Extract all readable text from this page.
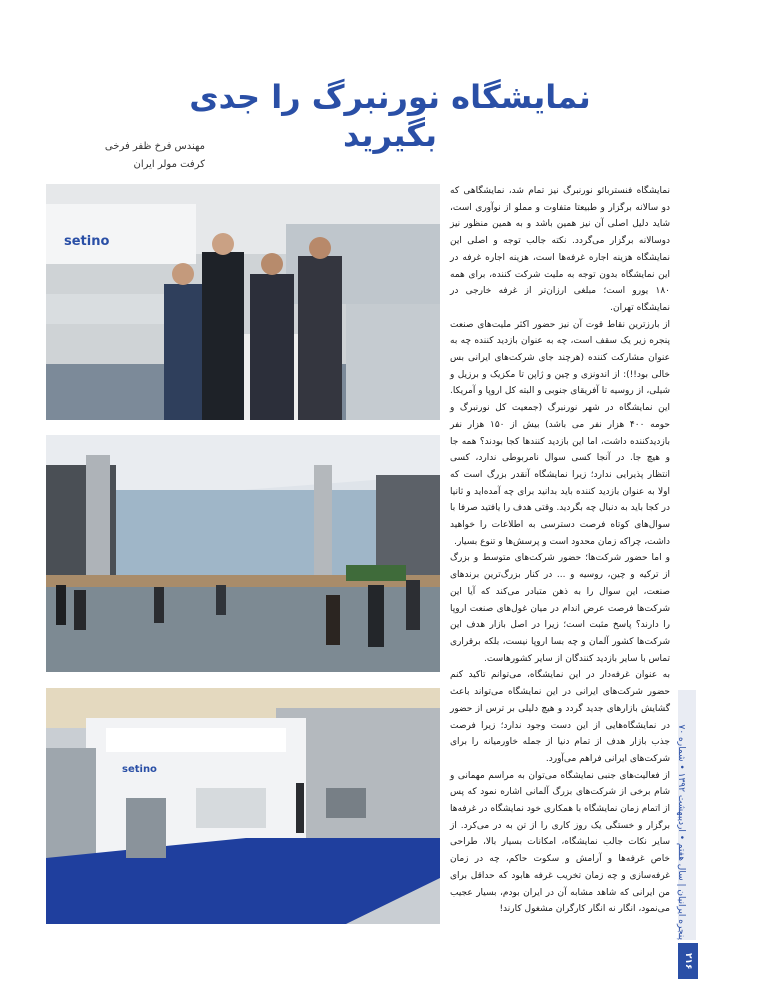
نمایشگاه نورنبرگ را جدی بگیرید
مهندس فرخ ظفر فرخی
کرفت مولر ایران
setino
setino

نمایشگاه فنستربائو نورنبرگ نیز تمام شد، نمایشگاهی که دو سالانه برگزار و طبیعتا متفاوت و مملو از نوآوری است، شاید دلیل اصلی آن نیز همین باشد و به همین منظور نیز دوسالانه برگزار می‌گردد. نکته جالب توجه و اصلی این نمایشگاه هزینه اجاره غرفه‌ها است، هزینه اجاره غرفه در این نمایشگاه بدون توجه به ملیت شرکت کننده، برای همه ۱۸۰ یورو است؛ مبلغی ارزان‌تر از غرفه خارجی در نمایشگاه تهران.

از بارزترین نقاط قوت آن نیز حضور اکثر ملیت‌های صنعت پنجره زیر یک سقف است، چه به عنوان بازدید کننده چه به عنوان مشارکت کننده (هرچند جای شرکت‌های ایرانی بس خالی بود!!): از اندونزی و چین و ژاپن تا مکزیک و برزیل و شیلی، از روسیه تا آفریقای جنوبی و البته کل اروپا و آمریکا. این نمایشگاه در شهر نورنبرگ (جمعیت کل نورنبرگ و حومه ۴۰۰ هزار نفر می باشد) بیش از ۱۵۰ هزار نفر بازدیدکننده داشت، اما این بازدید کنندها کجا بودند؟ همه جا و هیچ جا. در آنجا کسی سوال نامربوطی ندارد، کسی انتظار پذیرایی ندارد؛ زیرا نمایشگاه آنقدر بزرگ است که اولا به عنوان بازدید کننده باید بدانید برای چه آمده‌اید و ثانیا در کجا باید به دنبال چه بگردید. وقتی هدف را یافتید صرفا با سوال‌های کوتاه فرصت دسترسی به اطلاعات را خواهید داشت، چراکه زمان محدود است و پرسش‌ها و تنوع بسیار.

و اما حضور شرکت‌ها؛ حضور شرکت‌های متوسط و بزرگ از ترکیه و چین، روسیه و ... در کنار بزرگ‌ترین برندهای صنعت، این سوال را به ذهن متبادر می‌کند که آیا این شرکت‌ها فرصت عرض اندام در میان غول‌های صنعت اروپا را دارند؟ پاسخ مثبت است؛ زیرا در اصل بازار هدف این شرکت‌ها کشور آلمان و چه بسا اروپا نیست، بلکه برقراری تماس با سایر بازدید کنندگان از سایر کشورهاست.

به عنوان غرفه‌دار در این نمایشگاه، می‌توانم تاکید کنم حضور شرکت‌های ایرانی در این نمایشگاه می‌تواند باعث گشایش بازارهای جدید گردد و هیچ دلیلی بر ترس از حضور در نمایشگاه‌هایی از این دست وجود ندارد؛ زیرا فرصت جذب بازار هدف از تمام دنیا از جمله خاورمیانه را برای شرکت‌های ایرانی فراهم می‌آورد.

از فعالیت‌های جنبی نمایشگاه می‌توان به مراسم مهمانی و شام برخی از شرکت‌های بزرگ آلمانی اشاره نمود که پس از اتمام زمان نمایشگاه با همکاری خود نمایشگاه در غرفه‌ها برگزار و خستگی یک روز کاری را از تن به در می‌کرد. از سایر نکات جالب نمایشگاه، امکانات بسیار بالا، طراحی خاص غرفه‌ها و آرامش و سکوت حاکم، چه در زمان غرفه‌سازی و چه زمان تخریب غرفه هابود که حداقل برای من ایرانی که شاهد مشابه آن در ایران بودم، بسیار عجیب می‌نمود، انگار نه انگار کارگران مشغول کارند!

پنجره ایرانیان | سال هفتم • اردیبهشت ۱۳۹۲ • شماره ۷۰
۲۱۶
